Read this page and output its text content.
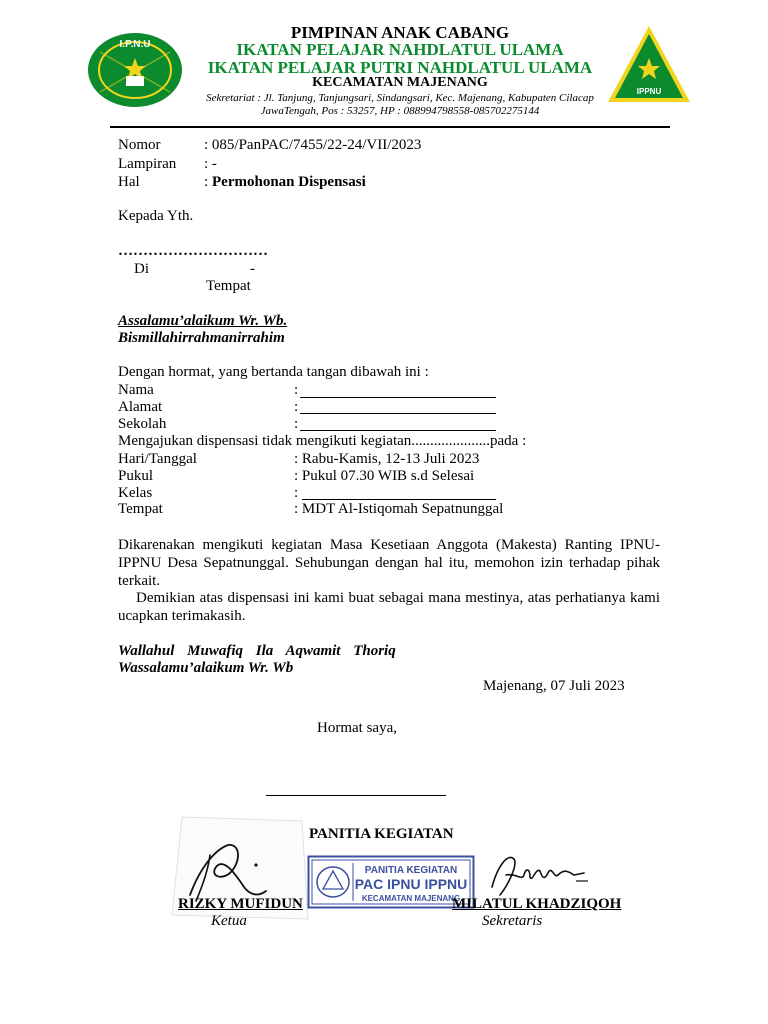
I.P.N.U
IPPNU
PIMPINAN ANAK CABANG
IKATAN PELAJAR NAHDLATUL ULAMA
IKATAN PELAJAR PUTRI NAHDLATUL ULAMA
KECAMATAN MAJENANG
Sekretariat : Jl. Tanjung, Tanjungsari, Sindangsari, Kec. Majenang, Kabupaten Cilacap
JawaTengah, Pos : 53257, HP : 088994798558-085702275144
Nomor	: 085/PanPAC/7455/22-24/VII/2023
Lampiran : -
Hal	: Permohonan Dispensasi
Kepada Yth.
…………………………
Di	-
Tempat
Assalamu’alaikum Wr. Wb.
Bismillahirrahmanirrahim
Dengan hormat, yang bertanda tangan dibawah ini :
Nama	:
Alamat	:
Sekolah	:
Mengajukan dispensasi tidak mengikuti kegiatan.....................pada :
Hari/Tanggal	: Rabu-Kamis, 12-13 Juli 2023
Pukul	: Pukul 07.30 WIB s.d Selesai
Kelas	:
Tempat	: MDT Al-Istiqomah Sepatnunggal
Dikarenakan mengikuti kegiatan Masa Kesetiaan Anggota (Makesta) Ranting IPNU-IPPNU Desa Sepatnunggal. Sehubungan dengan hal itu, memohon izin terhadap pihak terkait.
Demikian atas dispensasi ini kami buat sebagai mana mestinya, atas perhatianya kami ucapkan terimakasih.
Wallahul Muwafiq Ila Aqwamit Thoriq
Wassalamu’alaikum Wr. Wb
Majenang, 07 Juli 2023
Hormat saya,
PANITIA KEGIATAN
PANITIA KEGIATAN
PAC IPNU IPPNU
KECAMATAN MAJENANG
RIZKY MUFIDUN
Ketua
MILATUL KHADZIQOH
Sekretaris
